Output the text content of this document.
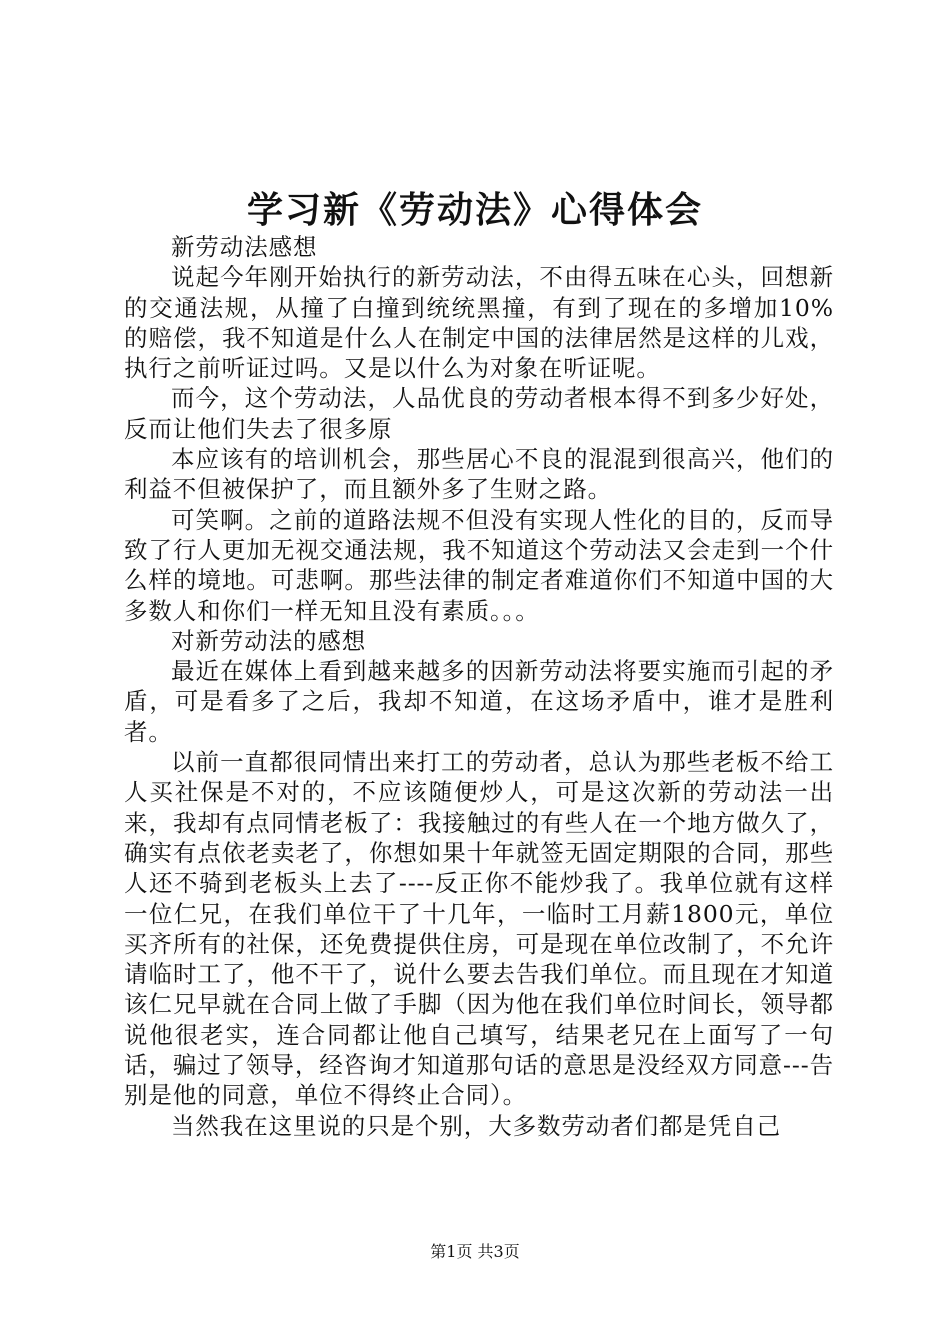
学习新《劳动法》心得体会

新劳动法感想

说起今年刚开始执行的新劳动法，不由得五味在心头，回想新的交通法规，从撞了白撞到统统黑撞，有到了现在的多增加10%的赔偿，我不知道是什么人在制定中国的法律居然是这样的儿戏，执行之前听证过吗。又是以什么为对象在听证呢。

而今，这个劳动法，人品优良的劳动者根本得不到多少好处，反而让他们失去了很多原

本应该有的培训机会，那些居心不良的混混到很高兴，他们的利益不但被保护了，而且额外多了生财之路。

可笑啊。之前的道路法规不但没有实现人性化的目的，反而导致了行人更加无视交通法规，我不知道这个劳动法又会走到一个什么样的境地。可悲啊。那些法律的制定者难道你们不知道中国的大多数人和你们一样无知且没有素质。。。

对新劳动法的感想

最近在媒体上看到越来越多的因新劳动法将要实施而引起的矛盾，可是看多了之后，我却不知道，在这场矛盾中，谁才是胜利者。

以前一直都很同情出来打工的劳动者，总认为那些老板不给工人买社保是不对的，不应该随便炒人，可是这次新的劳动法一出来，我却有点同情老板了：我接触过的有些人在一个地方做久了，确实有点依老卖老了，你想如果十年就签无固定期限的合同，那些人还不骑到老板头上去了----反正你不能炒我了。我单位就有这样一位仁兄，在我们单位干了十几年，一临时工月薪1800元，单位买齐所有的社保，还免费提供住房，可是现在单位改制了，不允许请临时工了，他不干了，说什么要去告我们单位。而且现在才知道该仁兄早就在合同上做了手脚（因为他在我们单位时间长，领导都说他很老实，连合同都让他自己填写，结果老兄在上面写了一句话，骗过了领导，经咨询才知道那句话的意思是没经双方同意---告别是他的同意，单位不得终止合同）。

当然我在这里说的只是个别，大多数劳动者们都是凭自己

第1页 共3页
